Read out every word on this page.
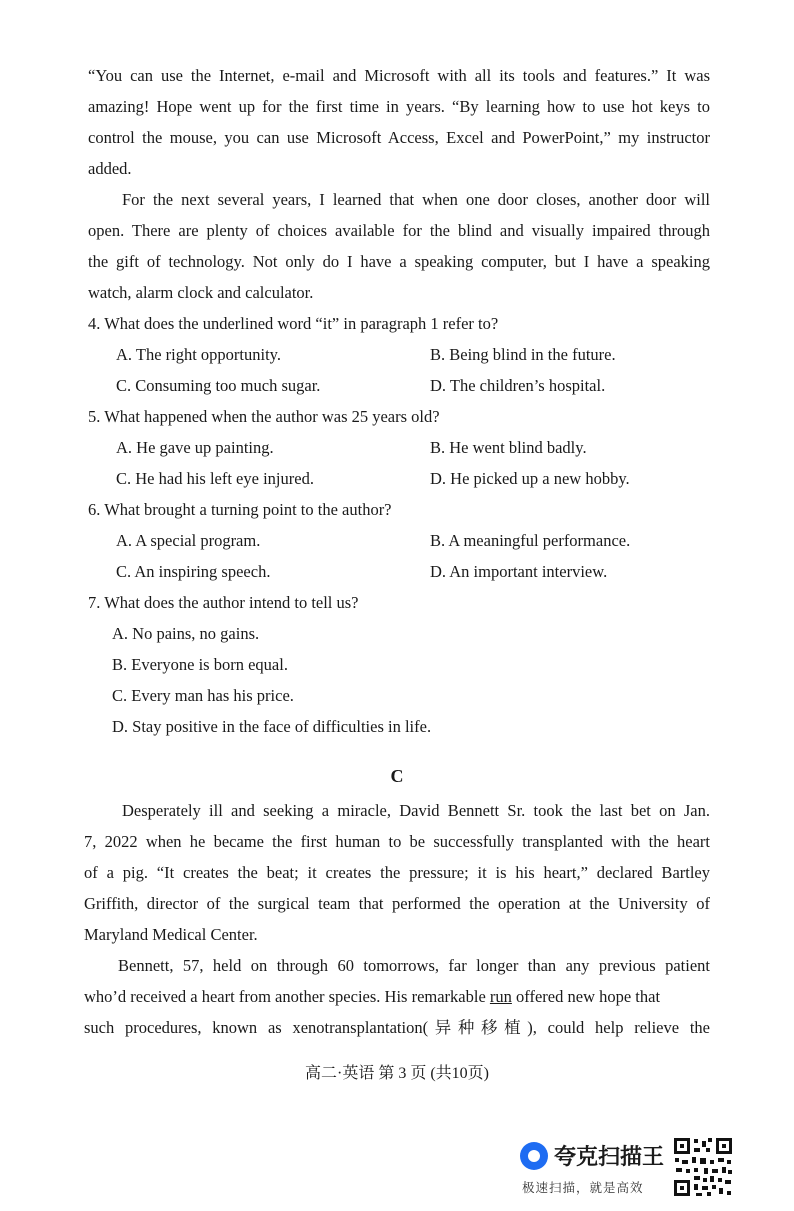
“You can use the Internet, e-mail and Microsoft with all its tools and features.” It was
amazing! Hope went up for the first time in years. “By learning how to use hot keys to
control the mouse, you can use Microsoft Access, Excel and PowerPoint,” my instructor
added.
For the next several years, I learned that when one door closes, another door will
open. There are plenty of choices available for the blind and visually impaired through
the gift of technology. Not only do I have a speaking computer, but I have a speaking
watch, alarm clock and calculator.
4. What does the underlined word “it” in paragraph 1 refer to?
A. The right opportunity.	B. Being blind in the future.
C. Consuming too much sugar.	D. The children’s hospital.
5. What happened when the author was 25 years old?
A. He gave up painting.	B. He went blind badly.
C. He had his left eye injured.	D. He picked up a new hobby.
6. What brought a turning point to the author?
A. A special program.	B. A meaningful performance.
C. An inspiring speech.	D. An important interview.
7. What does the author intend to tell us?
A. No pains, no gains.
B. Everyone is born equal.
C. Every man has his price.
D. Stay positive in the face of difficulties in life.
C
Desperately ill and seeking a miracle, David Bennett Sr. took the last bet on Jan.
7, 2022 when he became the first human to be successfully transplanted with the heart
of a pig. “It creates the beat; it creates the pressure; it is his heart,” declared Bartley
Griffith, director of the surgical team that performed the operation at the University of
Maryland Medical Center.
Bennett, 57, held on through 60 tomorrows, far longer than any previous patient
who’d received a heart from another species. His remarkable run offered new hope that
such procedures, known as xenotransplantation(异种移植), could help relieve the
高二·英语 第 3 页 (共10页)
夸克扫描王
极速扫描，就是高效
